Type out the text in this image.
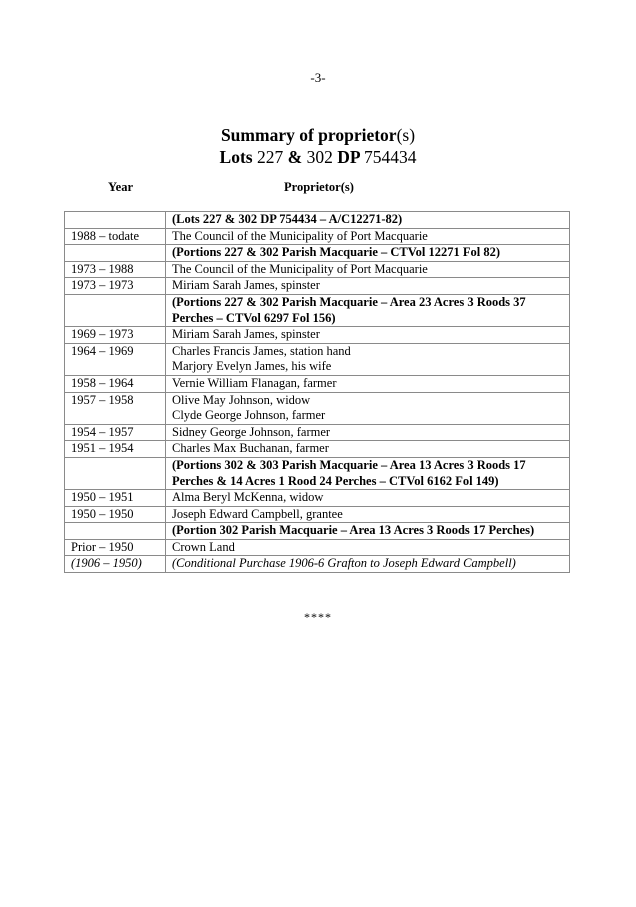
-3-
Summary of proprietor(s)
Lots 227 & 302 DP 754434
Year	Proprietor(s)

	(Lots 227 & 302 DP 754434 – A/C12271-82)

1988 – todate	The Council of the Municipality of Port Macquarie

	(Portions 227 & 302 Parish Macquarie – CTVol 12271 Fol 82)

1973 – 1988	The Council of the Municipality of Port Macquarie

1973 – 1973	Miriam Sarah James, spinster

	(Portions 227 & 302 Parish Macquarie – Area 23 Acres 3 Roods 37
Perches – CTVol 6297 Fol 156)

1969 – 1973	Miriam Sarah James, spinster

1964 – 1969	Charles Francis James, station hand
Marjory Evelyn James, his wife

1958 – 1964	Vernie William Flanagan, farmer

1957 – 1958	Olive May Johnson, widow
Clyde George Johnson, farmer

1954 – 1957	Sidney George Johnson, farmer

1951 – 1954	Charles Max Buchanan, farmer

	(Portions 302 & 303 Parish Macquarie – Area 13 Acres 3 Roods 17
Perches & 14 Acres 1 Rood 24 Perches – CTVol 6162 Fol 149)

1950 – 1951	Alma Beryl McKenna, widow

1950 – 1950	Joseph Edward Campbell, grantee

	(Portion 302 Parish Macquarie – Area 13 Acres 3 Roods 17 Perches)

Prior – 1950	Crown Land

(1906 – 1950)	(Conditional Purchase 1906-6 Grafton to Joseph Edward Campbell)
****
